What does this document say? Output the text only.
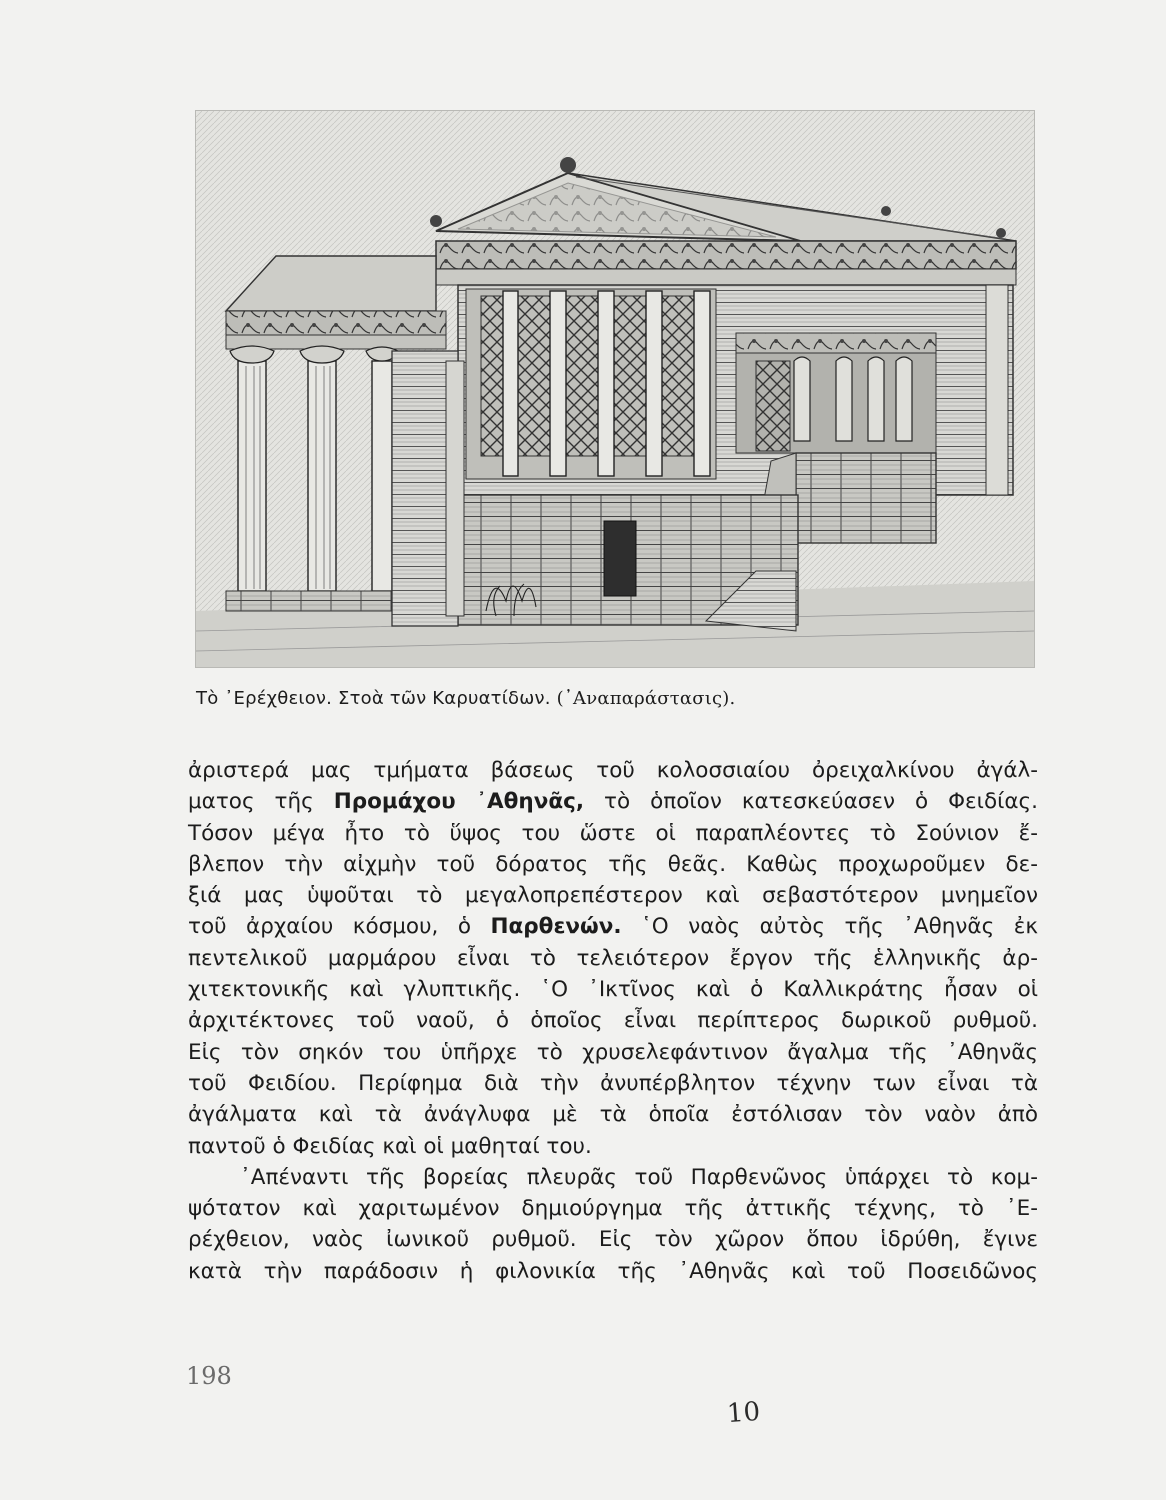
Τὸ ᾿Ερέχθειον. Στοὰ τῶν Καρυατίδων. (᾿Αναπαράστασις).
ἀριστερά μας τμήματα βάσεως τοῦ κολοσσιαίου ὀρειχαλκίνου ἀγάλ-
ματος τῆς Προμάχου ᾿Αθηνᾶς, τὸ ὁποῖον κατεσκεύασεν ὁ Φειδίας.
Τόσον μέγα ἦτο τὸ ὕψος του ὥστε οἱ παραπλέοντες τὸ Σούνιον ἔ-
βλεπον τὴν αἰχμὴν τοῦ δόρατος τῆς θεᾶς. Καθὼς προχωροῦμεν δε-
ξιά μας ὑψοῦται τὸ μεγαλοπρεπέστερον καὶ σεβαστότερον μνημεῖον
τοῦ ἀρχαίου κόσμου, ὁ Παρθενών. ῾Ο ναὸς αὐτὸς τῆς ᾿Αθηνᾶς ἐκ
πεντελικοῦ μαρμάρου εἶναι τὸ τελειότερον ἔργον τῆς ἑλληνικῆς ἀρ-
χιτεκτονικῆς καὶ γλυπτικῆς. ῾Ο ᾿Ικτῖνος καὶ ὁ Καλλικράτης ἦσαν οἱ
ἀρχιτέκτονες τοῦ ναοῦ, ὁ ὁποῖος εἶναι περίπτερος δωρικοῦ ρυθμοῦ.
Εἰς τὸν σηκόν του ὑπῆρχε τὸ χρυσελεφάντινον ἄγαλμα τῆς ᾿Αθηνᾶς
τοῦ Φειδίου. Περίφημα διὰ τὴν ἀνυπέρβλητον τέχνην των εἶναι τὰ
ἀγάλματα καὶ τὰ ἀνάγλυφα μὲ τὰ ὁποῖα ἐστόλισαν τὸν ναὸν ἀπὸ
παντοῦ ὁ Φειδίας καὶ οἱ μαθηταί του.
᾿Απέναντι τῆς βορείας πλευρᾶς τοῦ Παρθενῶνος ὑπάρχει τὸ κομ-
ψότατον καὶ χαριτωμένον δημιούργημα τῆς ἀττικῆς τέχνης, τὸ ᾿Ε-
ρέχθειον, ναὸς ἰωνικοῦ ρυθμοῦ. Εἰς τὸν χῶρον ὅπου ἱδρύθη, ἔγινε
κατὰ τὴν παράδοσιν ἡ φιλονικία τῆς ᾿Αθηνᾶς καὶ τοῦ Ποσειδῶνος
198
10
